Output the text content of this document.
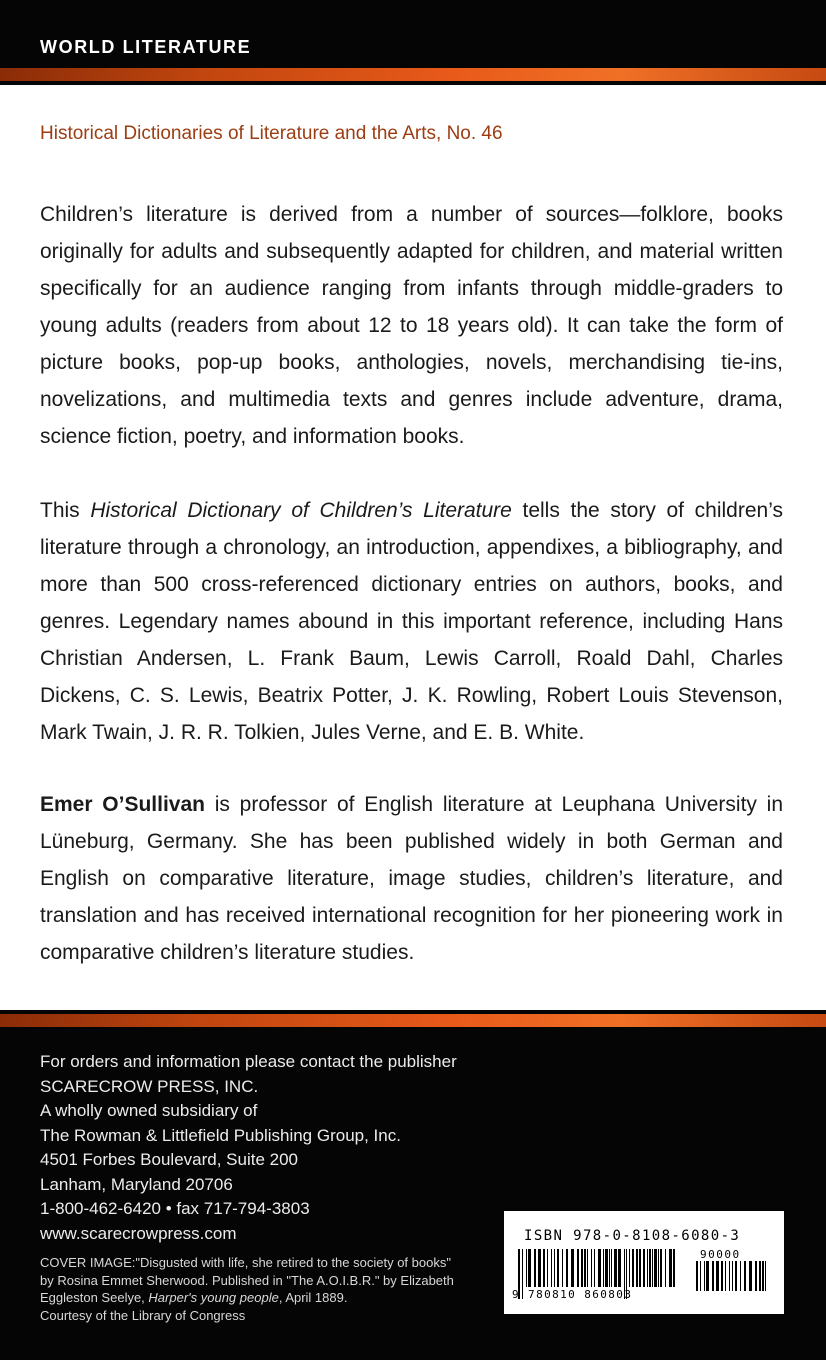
WORLD LITERATURE
Historical Dictionaries of Literature and the Arts, No. 46

Children’s literature is derived from a number of sources—folklore, books originally for adults and subsequently adapted for children, and material written specifically for an audience ranging from infants through middle-graders to young adults (readers from about 12 to 18 years old). It can take the form of picture books, pop-up books, anthologies, novels, merchandising tie-ins, novelizations, and multimedia texts and genres include adventure, drama, science fiction, poetry, and information books.

This Historical Dictionary of Children’s Literature tells the story of children’s literature through a chronology, an introduction, appendixes, a bibliography, and more than 500 cross-referenced dictionary entries on authors, books, and genres. Legendary names abound in this important reference, including Hans Christian Andersen, L. Frank Baum, Lewis Carroll, Roald Dahl, Charles Dickens, C. S. Lewis, Beatrix Potter, J. K. Rowling, Robert Louis Stevenson, Mark Twain, J. R. R. Tolkien, Jules Verne, and E. B. White.

Emer O’Sullivan is professor of English literature at Leuphana University in Lüneburg, Germany. She has been published widely in both German and English on comparative literature, image studies, children’s literature, and translation and has received international recognition for her pioneering work in comparative children’s literature studies.

For orders and information please contact the publisher
SCARECROW PRESS, INC.
A wholly owned subsidiary of
The Rowman & Littlefield Publishing Group, Inc.
4501 Forbes Boulevard, Suite 200
Lanham, Maryland 20706
1-800-462-6420 • fax 717-794-3803
www.scarecrowpress.com
COVER IMAGE:"Disgusted with life, she retired to the society of books"
by Rosina Emmet Sherwood. Published in "The A.O.I.B.R." by Elizabeth
Eggleston Seelye, Harper's young people, April 1889.
Courtesy of the Library of Congress
ISBN 978-0-8108-6080-3
90000
9 780810 860803
